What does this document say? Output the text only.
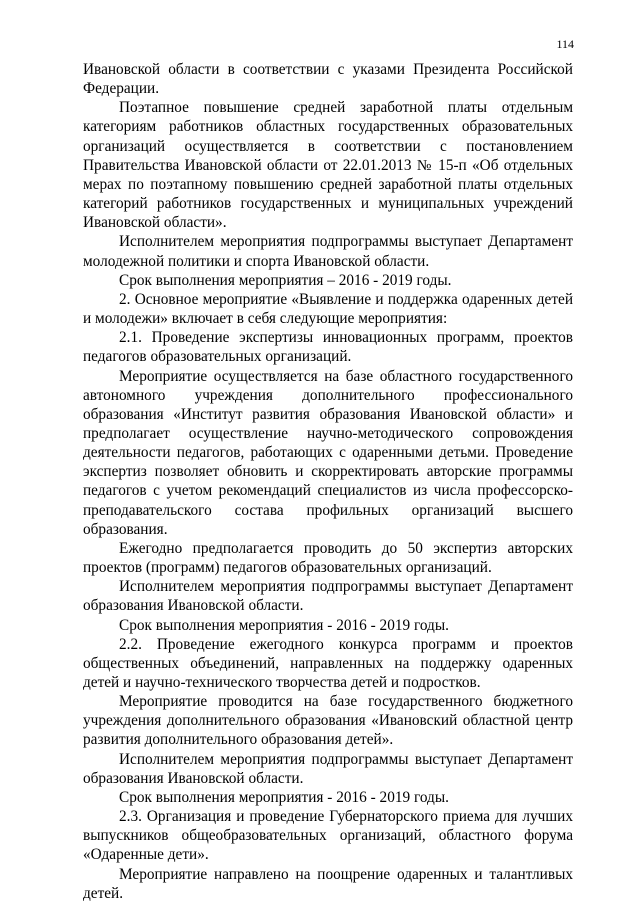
114

Ивановской области в соответствии с указами Президента Российской Федерации.

Поэтапное повышение средней заработной платы отдельным категориям работников областных государственных образовательных организаций осуществляется в соответствии с постановлением Правительства Ивановской области от 22.01.2013 № 15-п «Об отдельных мерах по поэтапному повышению средней заработной платы отдельных категорий работников государственных и муниципальных учреждений Ивановской области».

Исполнителем мероприятия подпрограммы выступает Департамент молодежной политики и спорта Ивановской области.

Срок выполнения мероприятия – 2016 - 2019 годы.

2. Основное мероприятие «Выявление и поддержка одаренных детей и молодежи» включает в себя следующие мероприятия:

2.1. Проведение экспертизы инновационных программ, проектов педагогов образовательных организаций.

Мероприятие осуществляется на базе областного государственного автономного учреждения дополнительного профессионального образования «Институт развития образования Ивановской области» и предполагает осуществление научно-методического сопровождения деятельности педагогов, работающих с одаренными детьми. Проведение экспертиз позволяет обновить и скорректировать авторские программы педагогов с учетом рекомендаций специалистов из числа профессорско-преподавательского состава профильных организаций высшего образования.

Ежегодно предполагается проводить до 50 экспертиз авторских проектов (программ) педагогов образовательных организаций.

Исполнителем мероприятия подпрограммы выступает Департамент образования Ивановской области.

Срок выполнения мероприятия - 2016 - 2019 годы.

2.2. Проведение ежегодного конкурса программ и проектов общественных объединений, направленных на поддержку одаренных детей и научно-технического творчества детей и подростков.

Мероприятие проводится на базе государственного бюджетного учреждения дополнительного образования «Ивановский областной центр развития дополнительного образования детей».

Исполнителем мероприятия подпрограммы выступает Департамент образования Ивановской области.

Срок выполнения мероприятия - 2016 - 2019 годы.

2.3. Организация и проведение Губернаторского приема для лучших выпускников общеобразовательных организаций, областного форума «Одаренные дети».

Мероприятие направлено на поощрение одаренных и талантливых детей.
